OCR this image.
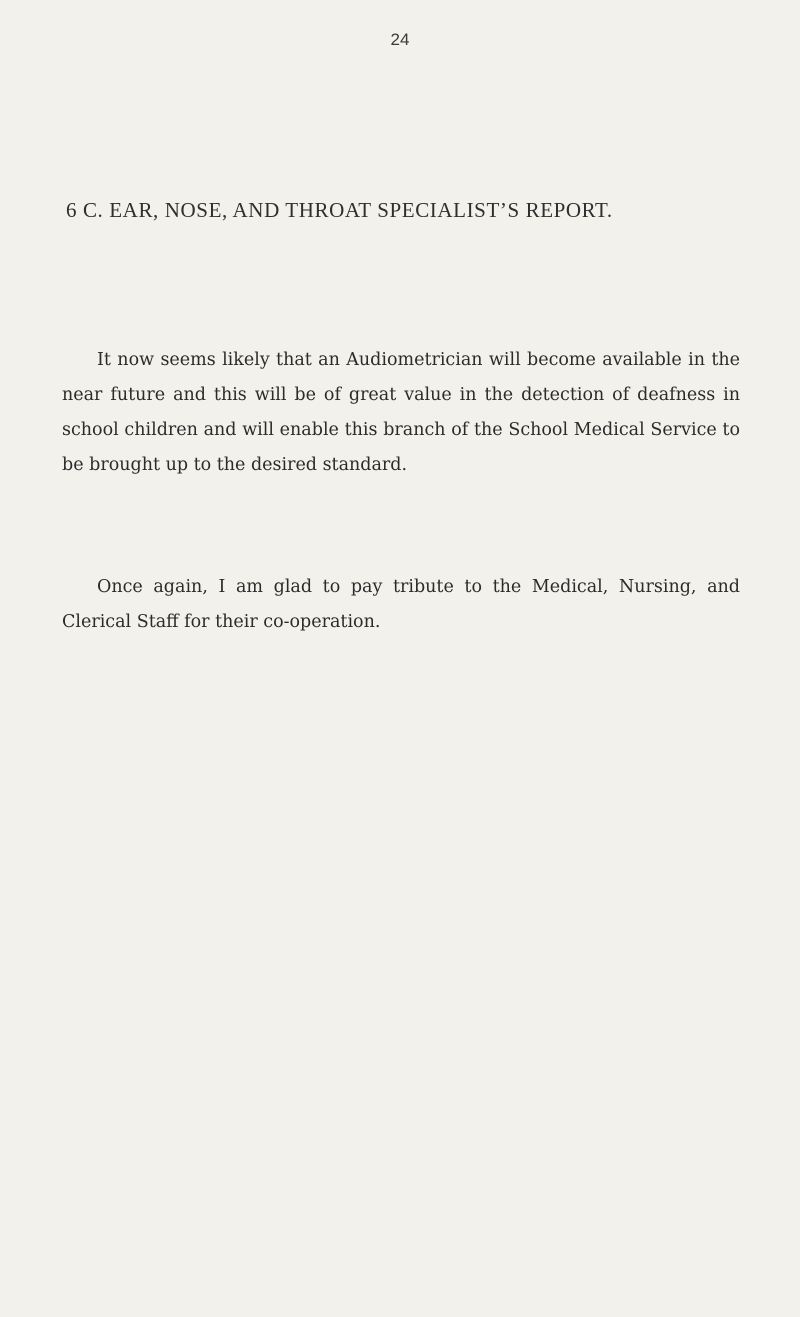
24
6 C. EAR, NOSE, AND THROAT SPECIALIST’S REPORT.
It now seems likely that an Audiometrician will become available in the near future and this will be of great value in the detection of deafness in school children and will enable this branch of the School Medical Service to be brought up to the desired standard.
Once again, I am glad to pay tribute to the Medical, Nursing, and Clerical Staff for their co-operation.
